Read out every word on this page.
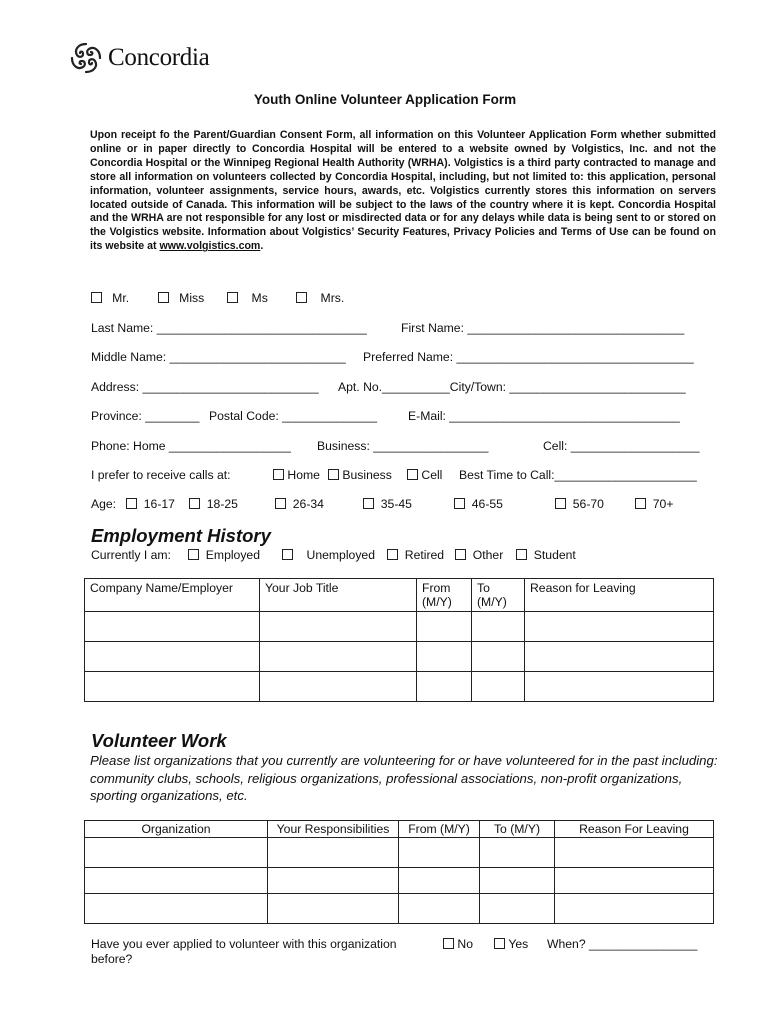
Concordia
Youth Online Volunteer Application Form
Upon receipt fo the Parent/Guardian Consent Form, all information on this Volunteer Application Form whether submitted online or in paper directly to Concordia Hospital will be entered to a website owned by Volgistics, Inc. and not the Concordia Hospital or the Winnipeg Regional Health Authority (WRHA). Volgistics is a third party contracted to manage and store all information on volunteers collected by Concordia Hospital, including, but not limited to: this application, personal information, volunteer assignments, service hours, awards, etc. Volgistics currently stores this information on servers located outside of Canada. This information will be subject to the laws of the country where it is kept. Concordia Hospital and the WRHA are not responsible for any lost or misdirected data or for any delays while data is being sent to or stored on the Volgistics website. Information about Volgistics’ Security Features, Privacy Policies and Terms of Use can be found on its website at www.volgistics.com.
Mr.	Miss	Ms	Mrs.
Last Name: _______________________________	First Name: ________________________________
Middle Name: __________________________ Preferred Name: ___________________________________
Address: __________________________ Apt. No.__________City/Town: __________________________
Province: ________ Postal Code: ______________	E-Mail: __________________________________
Phone: Home __________________ Business: _________________	Cell: ___________________
I prefer to receive calls at:	Home	Business	Cell Best Time to Call:_____________________
Age:	16-17	18-25	26-34	35-45	46-55	56-70	70+
Employment History
Currently I am:	Employed	Unemployed	Retired	Other	Student
Company Name/Employer	Your Job Title	From (M/Y)	To (M/Y)	Reason for Leaving

Volunteer Work
Please list organizations that you currently are volunteering for or have volunteered for in the past including: community clubs, schools, religious organizations, professional associations, non-profit organizations, sporting organizations, etc.
Organization	Your Responsibilities	From (M/Y)	To (M/Y)	Reason For Leaving

Have you ever applied to volunteer with this organization before?
No	Yes When? ________________
